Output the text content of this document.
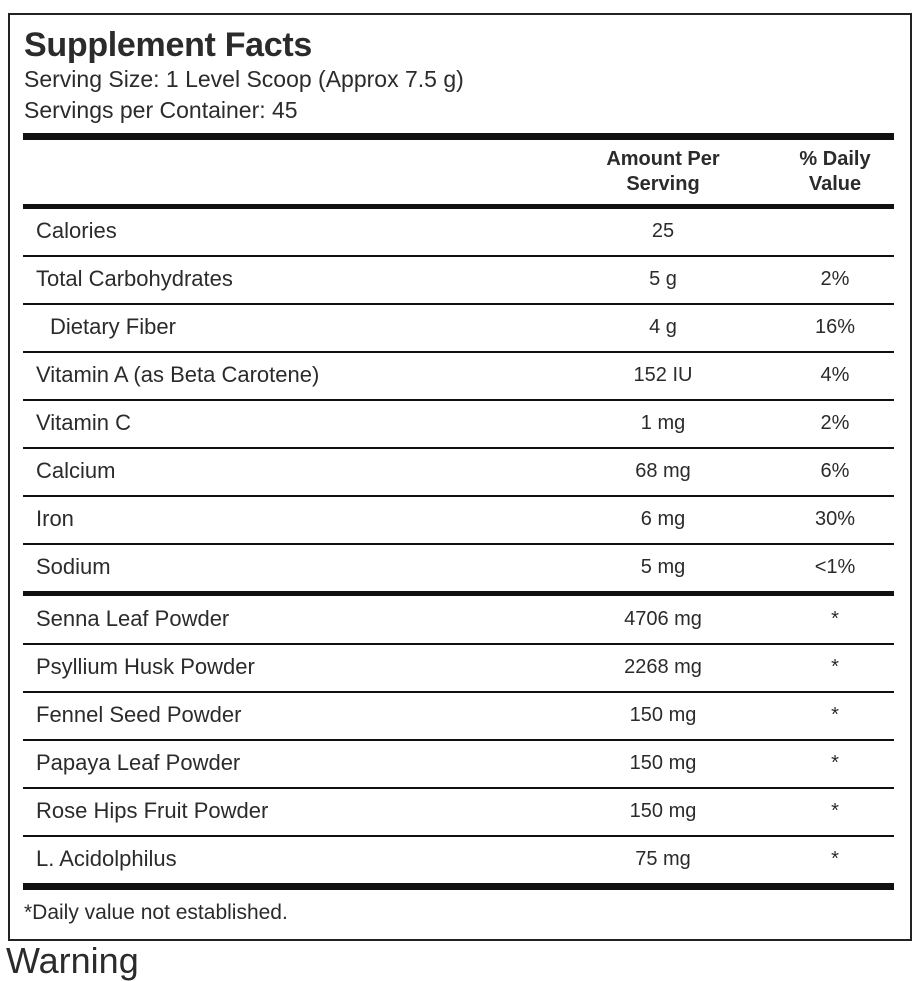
Supplement Facts
Serving Size: 1 Level Scoop (Approx 7.5 g)
Servings per Container: 45
Amount Per
Serving
% Daily
Value
Calories	25
Total Carbohydrates	5 g	2%
Dietary Fiber	4 g	16%
Vitamin A (as Beta Carotene)	152 IU	4%
Vitamin C	1 mg	2%
Calcium	68 mg	6%
Iron	6 mg	30%
Sodium	5 mg	<1%
Senna Leaf Powder	4706 mg	*
Psyllium Husk Powder	2268 mg	*
Fennel Seed Powder	150 mg	*
Papaya Leaf Powder	150 mg	*
Rose Hips Fruit Powder	150 mg	*
L. Acidolphilus	75 mg	*
*Daily value not established.
Warning
